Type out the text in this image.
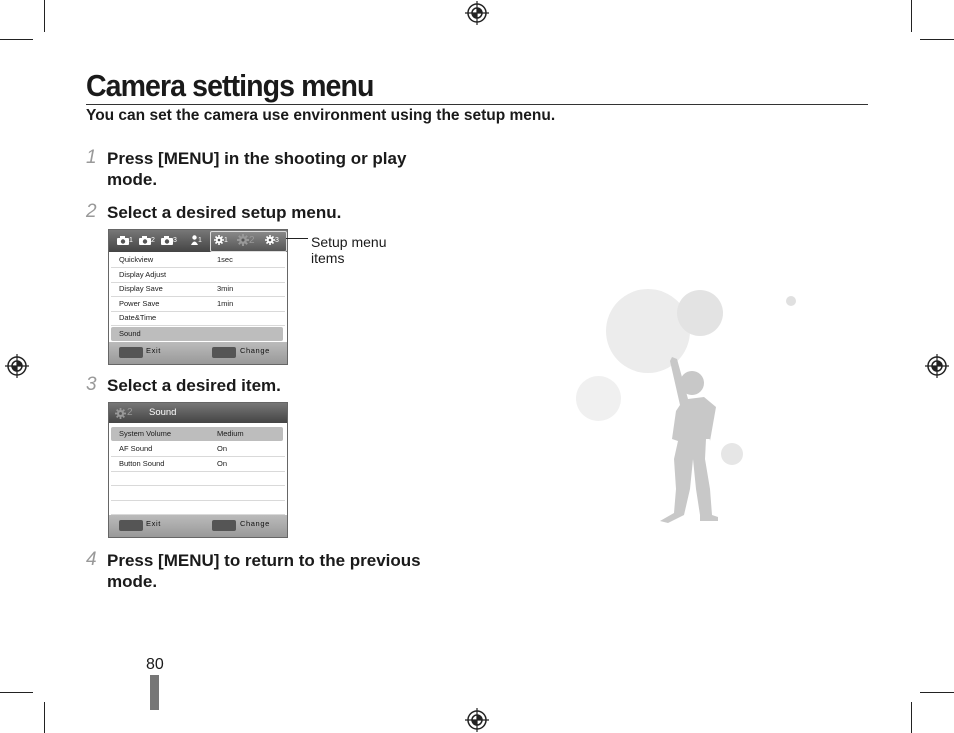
Camera settings menu
You can set the camera use environment using the setup menu.
1 Press [MENU] in the shooting or play
mode.
2 Select a desired setup menu.
1	2	3	1	1	2	3
Quickview	1sec
Display Adjust
Display Save	3min
Power Save	1min
Date&Time
Sound
Exit	Change
Setup menu
items
3 Select a desired item.
2 Sound
System Volume	Medium
AF Sound	On
Button Sound	On
Exit	Change
4 Press [MENU] to return to the previous
mode.
80
